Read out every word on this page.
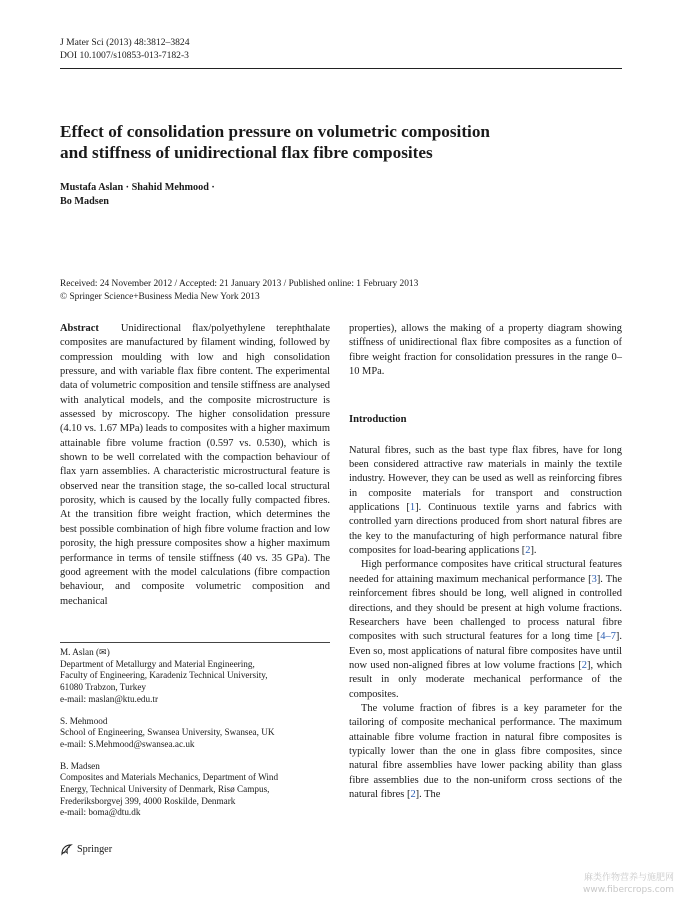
J Mater Sci (2013) 48:3812–3824
DOI 10.1007/s10853-013-7182-3
Effect of consolidation pressure on volumetric composition
and stiffness of unidirectional flax fibre composites
Mustafa Aslan · Shahid Mehmood ·
Bo Madsen
Received: 24 November 2012 / Accepted: 21 January 2013 / Published online: 1 February 2013
© Springer Science+Business Media New York 2013

Abstract Unidirectional flax/polyethylene terephthalate composites are manufactured by filament winding, followed by compression moulding with low and high consolidation pressure, and with variable flax fibre content. The experimental data of volumetric composition and tensile stiffness are analysed with analytical models, and the composite microstructure is assessed by microscopy. The higher consolidation pressure (4.10 vs. 1.67 MPa) leads to composites with a higher maximum attainable fibre volume fraction (0.597 vs. 0.530), which is shown to be well correlated with the compaction behaviour of flax yarn assemblies. A characteristic microstructural feature is observed near the transition stage, the so-called local structural porosity, which is caused by the locally fully compacted fibres. At the transition fibre weight fraction, which determines the best possible combination of high fibre volume fraction and low porosity, the high pressure composites show a higher maximum performance in terms of tensile stiffness (40 vs. 35 GPa). The good agreement with the model calculations (fibre compaction behaviour, and composite volumetric composition and mechanical

properties), allows the making of a property diagram showing stiffness of unidirectional flax fibre composites as a function of fibre weight fraction for consolidation pressures in the range 0–10 MPa.

Introduction

Natural fibres, such as the bast type flax fibres, have for long been considered attractive raw materials in mainly the textile industry. However, they can be used as well as reinforcing fibres in composite materials for transport and construction applications [1]. Continuous textile yarns and fabrics with controlled yarn directions produced from short natural fibres are the key to the manufacturing of high performance natural fibre composites for load-bearing applications [2].

High performance composites have critical structural features needed for attaining maximum mechanical performance [3]. The reinforcement fibres should be long, well aligned in controlled directions, and they should be present at high volume fractions. Researchers have been challenged to process natural fibre composites with such structural features for a long time [4–7]. Even so, most applications of natural fibre composites have until now used non-aligned fibres at low volume fractions [2], which result in only moderate mechanical performance of the composites.

The volume fraction of fibres is a key parameter for the tailoring of composite mechanical performance. The maximum attainable fibre volume fraction in natural fibre composites is typically lower than the one in glass fibre composites, since natural fibre assemblies have lower packing ability than glass fibre assemblies due to the non-uniform cross sections of the natural fibres [2]. The

M. Aslan (✉)
Department of Metallurgy and Material Engineering,
Faculty of Engineering, Karadeniz Technical University,
61080 Trabzon, Turkey
e-mail: maslan@ktu.edu.tr
S. Mehmood
School of Engineering, Swansea University, Swansea, UK
e-mail: S.Mehmood@swansea.ac.uk
B. Madsen
Composites and Materials Mechanics, Department of Wind
Energy, Technical University of Denmark, Risø Campus,
Frederiksborgvej 399, 4000 Roskilde, Denmark
e-mail: boma@dtu.dk
Springer
麻类作物营养与施肥网
www.fibercrops.com
